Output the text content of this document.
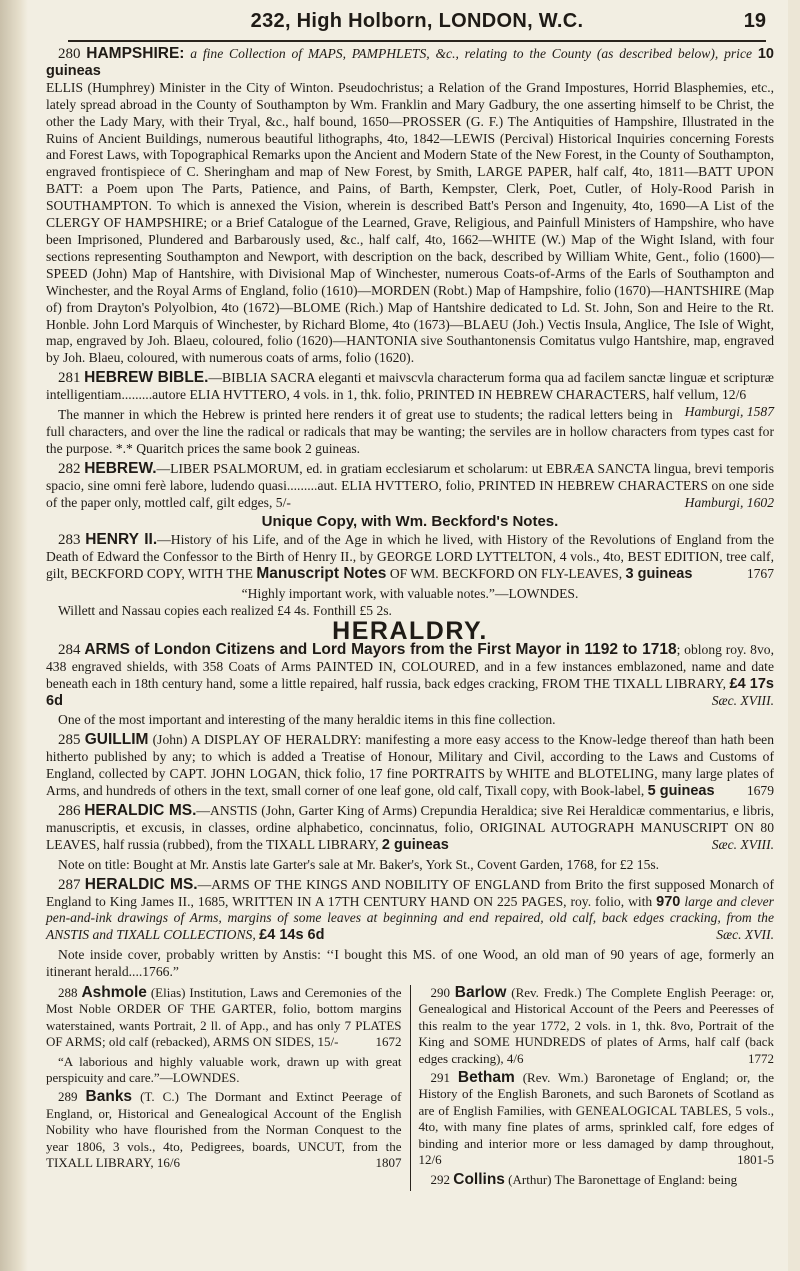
232, High Holborn, LONDON, W.C.	19

280 HAMPSHIRE: a fine Collection of MAPS, PAMPHLETS, &c., relating to the County (as described below), price 10 guineas
ELLIS (Humphrey) Minister in the City of Winton. Pseudochristus; a Relation of the Grand Impostures, Horrid Blasphemies, etc., lately spread abroad in the County of Southampton by Wm. Franklin and Mary Gadbury, the one asserting himself to be Christ, the other the Lady Mary, with their Tryal, &c., half bound, 1650—PROSSER (G. F.) The Antiquities of Hampshire, Illustrated in the Ruins of Ancient Buildings, numerous beautiful lithographs, 4to, 1842—LEWIS (Percival) Historical Inquiries concerning Forests and Forest Laws, with Topographical Remarks upon the Ancient and Modern State of the New Forest, in the County of Southampton, engraved frontispiece of C. Sheringham and map of New Forest, by Smith, LARGE PAPER, half calf, 4to, 1811—BATT UPON BATT: a Poem upon The Parts, Patience, and Pains, of Barth, Kempster, Clerk, Poet, Cutler, of Holy-Rood Parish in SOUTHAMPTON. To which is annexed the Vision, wherein is described Batt's Person and Ingenuity, 4to, 1690—A List of the CLERGY OF HAMPSHIRE; or a Brief Catalogue of the Learned, Grave, Religious, and Painfull Ministers of Hampshire, who have been Imprisoned, Plundered and Barbarously used, &c., half calf, 4to, 1662—WHITE (W.) Map of the Wight Island, with four sections representing Southampton and Newport, with description on the back, described by William White, Gent., folio (1600)—SPEED (John) Map of Hantshire, with Divisional Map of Winchester, numerous Coats-of-Arms of the Earls of Southampton and Winchester, and the Royal Arms of England, folio (1610)—MORDEN (Robt.) Map of Hampshire, folio (1670)—HANTSHIRE (Map of) from Drayton's Polyolbion, 4to (1672)—BLOME (Rich.) Map of Hantshire dedicated to Ld. St. John, Son and Heire to the Rt. Honble. John Lord Marquis of Winchester, by Richard Blome, 4to (1673)—BLAEU (Joh.) Vectis Insula, Anglice, The Isle of Wight, map, engraved by Joh. Blaeu, coloured, folio (1620)—HANTONIA sive Southantonensis Comitatus vulgo Hantshire, map, engraved by Joh. Blaeu, coloured, with numerous coats of arms, folio (1620).

281 HEBREW BIBLE.—BIBLIA SACRA eleganti et maivscvla characterum forma qua ad facilem sanctæ linguæ et scripturæ intelligentiam.........autore ELIA HVTTERO, 4 vols. in 1, thk. folio, PRINTED IN HEBREW CHARACTERS, half vellum, 12/6
Hamburgi, 1587

The manner in which the Hebrew is printed here renders it of great use to students; the radical letters being in full characters, and over the line the radical or radicals that may be wanting; the serviles are in hollow characters from types cast for the purpose. *.* Quaritch prices the same book 2 guineas.

282 HEBREW.—LIBER PSALMORUM, ed. in gratiam ecclesiarum et scholarum: ut EBRÆA SANCTA lingua, brevi temporis spacio, sine omni ferè labore, ludendo quasi.........aut. ELIA HVTTERO, folio, PRINTED IN HEBREW CHARACTERS on one side of the paper only, mottled calf, gilt edges, 5/-	Hamburgi, 1602

Unique Copy, with Wm. Beckford's Notes.

283 HENRY II.—History of his Life, and of the Age in which he lived, with History of the Revolutions of England from the Death of Edward the Confessor to the Birth of Henry II., by GEORGE LORD LYTTELTON, 4 vols., 4to, BEST EDITION, tree calf, gilt, BECKFORD COPY, WITH THE Manuscript Notes OF WM. BECKFORD ON FLY-LEAVES, 3 guineas	1767

“Highly important work, with valuable notes.”—LOWNDES.

Willett and Nassau copies each realized £4 4s. Fonthill £5 2s.

HERALDRY.

284 ARMS of London Citizens and Lord Mayors from the First Mayor in 1192 to 1718; oblong roy. 8vo, 438 engraved shields, with 358 Coats of Arms PAINTED IN, COLOURED, and in a few instances emblazoned, name and date beneath each in 18th century hand, some a little repaired, half russia, back edges cracking, FROM THE TIXALL LIBRARY, £4 17s 6d	Sæc. XVIII.

One of the most important and interesting of the many heraldic items in this fine collection.

285 GUILLIM (John) A DISPLAY OF HERALDRY: manifesting a more easy access to the Know-ledge thereof than hath been hitherto published by any; to which is added a Treatise of Honour, Military and Civil, according to the Laws and Customs of England, collected by CAPT. JOHN LOGAN, thick folio, 17 fine PORTRAITS by WHITE and BLOTELING, many large plates of Arms, and hundreds of others in the text, small corner of one leaf gone, old calf, Tixall copy, with Book-label, 5 guineas	1679

286 HERALDIC MS.—ANSTIS (John, Garter King of Arms) Crepundia Heraldica; sive Rei Heraldicæ commentarius, e libris, manuscriptis, et excusis, in classes, ordine alphabetico, concinnatus, folio, ORIGINAL AUTOGRAPH MANUSCRIPT ON 80 LEAVES, half russia (rubbed), from the TIXALL LIBRARY, 2 guineas	Sæc. XVIII.

Note on title: Bought at Mr. Anstis late Garter's sale at Mr. Baker's, York St., Covent Garden, 1768, for £2 15s.

287 HERALDIC MS.—ARMS OF THE KINGS AND NOBILITY OF ENGLAND from Brito the first supposed Monarch of England to King James II., 1685, WRITTEN IN A 17TH CENTURY HAND ON 225 PAGES, roy. folio, with 970 large and clever pen-and-ink drawings of Arms, margins of some leaves at beginning and end repaired, old calf, back edges cracking, from the ANSTIS and TIXALL COLLECTIONS, £4 14s 6d	Sæc. XVII.

Note inside cover, probably written by Anstis: ‘‘I bought this MS. of one Wood, an old man of 90 years of age, formerly an itinerant herald....1766.”

288 Ashmole (Elias) Institution, Laws and Ceremonies of the Most Noble ORDER OF THE GARTER, folio, bottom margins waterstained, wants Portrait, 2 ll. of App., and has only 7 PLATES OF ARMS; old calf (rebacked), ARMS ON SIDES, 15/-	1672

“A laborious and highly valuable work, drawn up with great perspicuity and care.”—LOWNDES.

289 Banks (T. C.) The Dormant and Extinct Peerage of England, or, Historical and Genealogical Account of the English Nobility who have flourished from the Norman Conquest to the year 1806, 3 vols., 4to, Pedigrees, boards, UNCUT, from the TIXALL LIBRARY, 16/6	1807

290 Barlow (Rev. Fredk.) The Complete English Peerage: or, Genealogical and Historical Account of the Peers and Peeresses of this realm to the year 1772, 2 vols. in 1, thk. 8vo, Portrait of the King and SOME HUNDREDS of plates of Arms, half calf (back edges cracking), 4/6	1772

291 Betham (Rev. Wm.) Baronetage of England; or, the History of the English Baronets, and such Baronets of Scotland as are of English Families, with GENEALOGICAL TABLES, 5 vols., 4to, with many fine plates of arms, sprinkled calf, fore edges of binding and interior more or less damaged by damp throughout, 12/6	1801-5

292 Collins (Arthur) The Baronettage of England: being
